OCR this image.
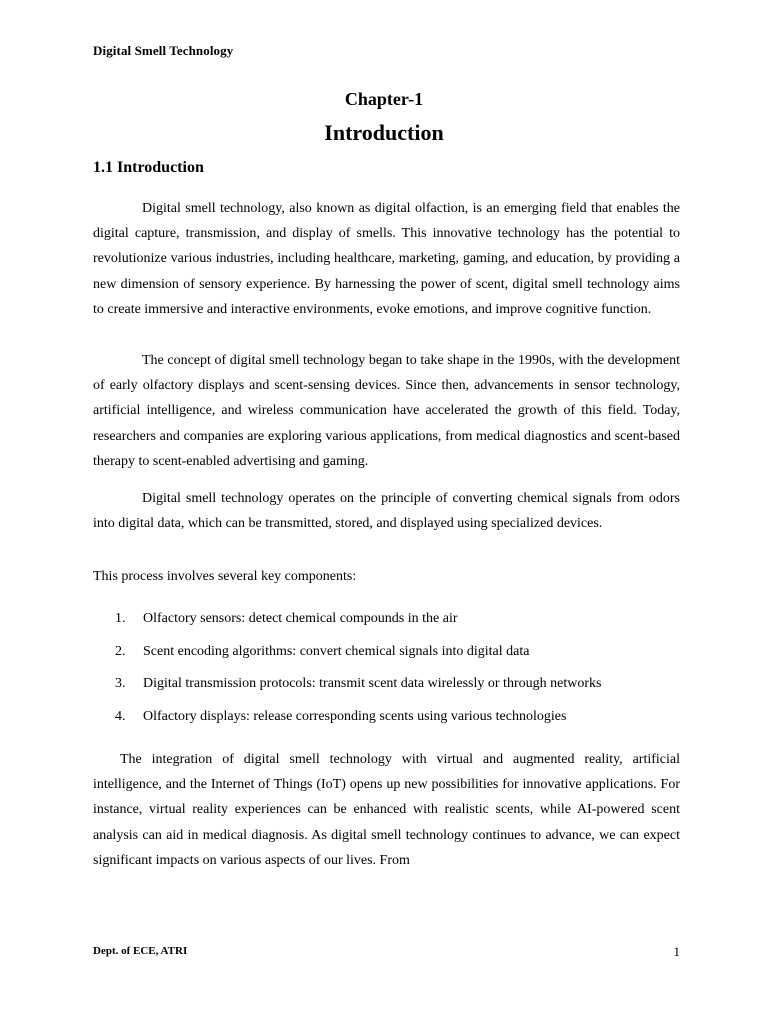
Digital Smell Technology
Chapter-1
Introduction
1.1 Introduction

Digital smell technology, also known as digital olfaction, is an emerging field that enables the digital capture, transmission, and display of smells. This innovative technology has the potential to revolutionize various industries, including healthcare, marketing, gaming, and education, by providing a new dimension of sensory experience. By harnessing the power of scent, digital smell technology aims to create immersive and interactive environments, evoke emotions, and improve cognitive function.

The concept of digital smell technology began to take shape in the 1990s, with the development of early olfactory displays and scent-sensing devices. Since then, advancements in sensor technology, artificial intelligence, and wireless communication have accelerated the growth of this field. Today, researchers and companies are exploring various applications, from medical diagnostics and scent-based therapy to scent-enabled advertising and gaming.

Digital smell technology operates on the principle of converting chemical signals from odors into digital data, which can be transmitted, stored, and displayed using specialized devices.

This process involves several key components:
1.	Olfactory sensors: detect chemical compounds in the air
2.	Scent encoding algorithms: convert chemical signals into digital data
3.	Digital transmission protocols: transmit scent data wirelessly or through networks
4.	Olfactory displays: release corresponding scents using various technologies

The integration of digital smell technology with virtual and augmented reality, artificial intelligence, and the Internet of Things (IoT) opens up new possibilities for innovative applications. For instance, virtual reality experiences can be enhanced with realistic scents, while AI-powered scent analysis can aid in medical diagnosis. As digital smell technology continues to advance, we can expect significant impacts on various aspects of our lives. From

Dept. of ECE, ATRI	1
